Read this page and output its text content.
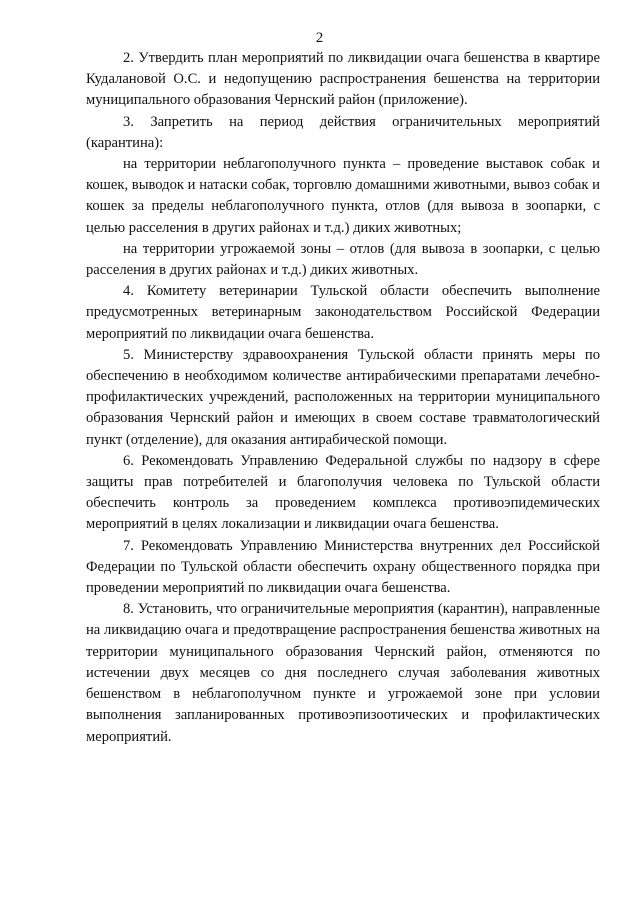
2

2. Утвердить план мероприятий по ликвидации очага бешенства в квартире Кудалановой О.С. и недопущению распространения бешенства на территории муниципального образования Чернский район (приложение).

3. Запретить на период действия ограничительных мероприятий (карантина):

на территории неблагополучного пункта – проведение выставок собак и кошек, выводок и натаски собак, торговлю домашними животными, вывоз собак и кошек за пределы неблагополучного пункта, отлов (для вывоза в зоопарки, с целью расселения в других районах и т.д.) диких животных;

на территории угрожаемой зоны – отлов (для вывоза в зоопарки, с целью расселения в других районах и т.д.) диких животных.

4. Комитету ветеринарии Тульской области обеспечить выполнение предусмотренных ветеринарным законодательством Российской Федерации мероприятий по ликвидации очага бешенства.

5. Министерству здравоохранения Тульской области принять меры по обеспечению в необходимом количестве антирабическими препаратами лечебно-профилактических учреждений, расположенных на территории муниципального образования Чернский район и имеющих в своем составе травматологический пункт (отделение), для оказания антирабической помощи.

6. Рекомендовать Управлению Федеральной службы по надзору в сфере защиты прав потребителей и благополучия человека по Тульской области обеспечить контроль за проведением комплекса противоэпидемических мероприятий в целях локализации и ликвидации очага бешенства.

7. Рекомендовать Управлению Министерства внутренних дел Российской Федерации по Тульской области обеспечить охрану общественного порядка при проведении мероприятий по ликвидации очага бешенства.

8. Установить, что ограничительные мероприятия (карантин), направленные на ликвидацию очага и предотвращение распространения бешенства животных на территории муниципального образования Чернский район, отменяются по истечении двух месяцев со дня последнего случая заболевания животных бешенством в неблагополучном пункте и угрожаемой зоне при условии выполнения запланированных противоэпизоотических и профилактических мероприятий.
